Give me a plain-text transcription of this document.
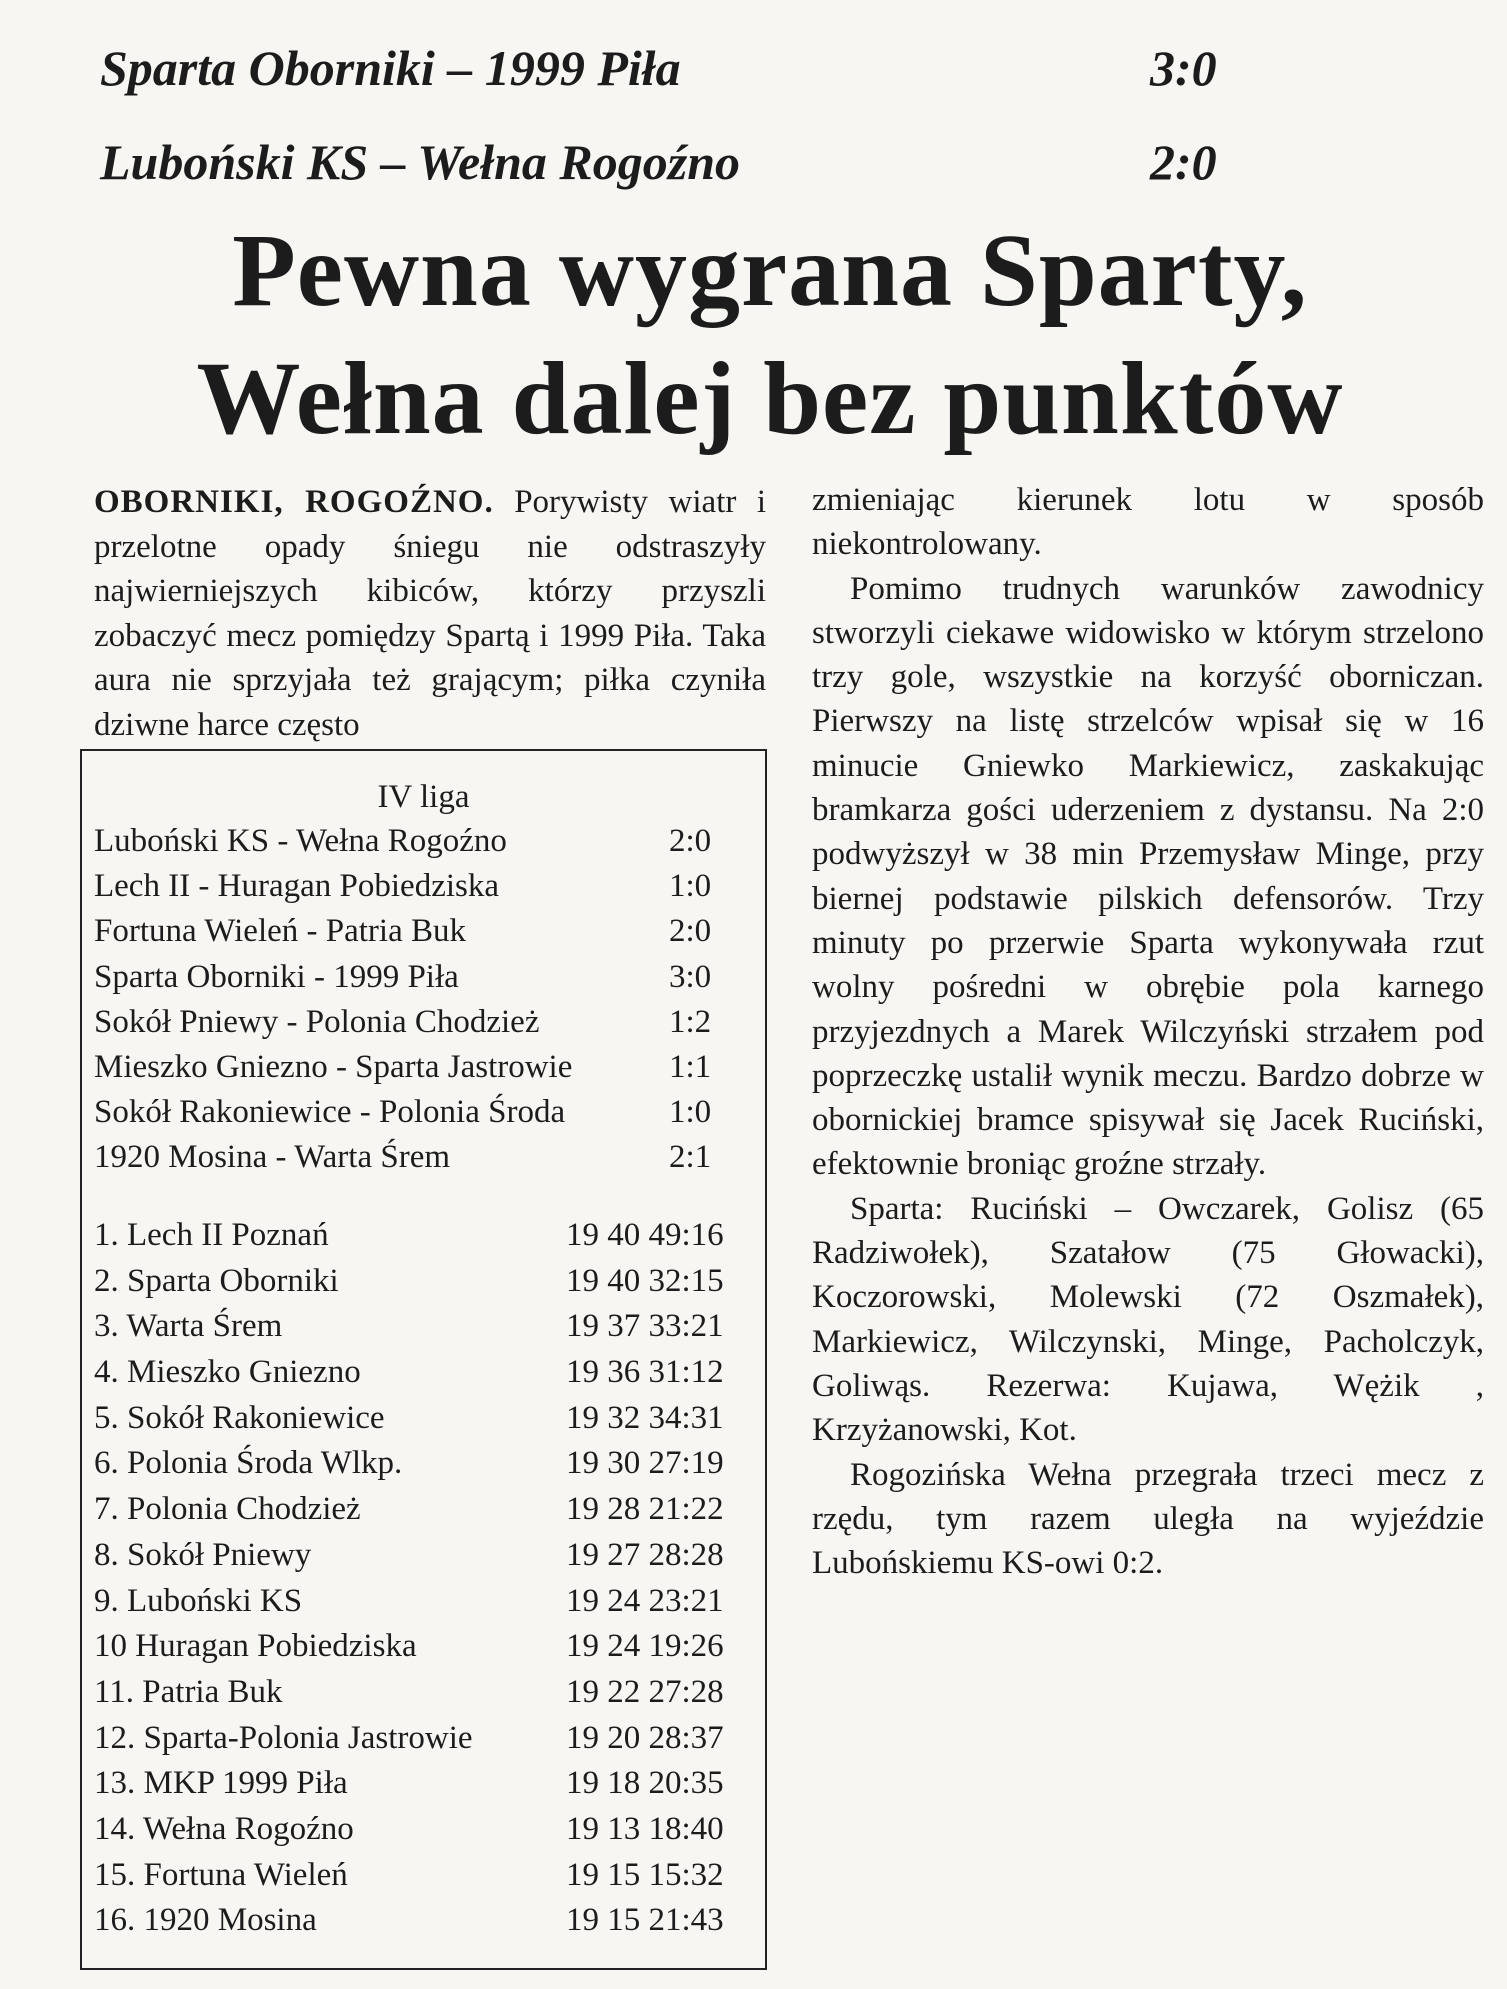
Sparta Oborniki – 1999 Piła	3:0
Luboński KS – Wełna Rogoźno	2:0
Pewna wygrana Sparty,
Wełna dalej bez punktów

OBORNIKI, ROGOŹNO. Porywisty wiatr i przelotne opady śniegu nie odstraszyły najwierniejszych kibiców, którzy przyszli zobaczyć mecz pomiędzy Spartą i 1999 Piła. Taka aura nie sprzyjała też grającym; piłka czyniła dziwne harce często

zmieniając kierunek lotu w sposób niekontrolowany.

Pomimo trudnych warunków zawodnicy stworzyli ciekawe widowisko w którym strzelono trzy gole, wszystkie na korzyść oborniczan. Pierwszy na listę strzelców wpisał się w 16 minucie Gniewko Markiewicz, zaskakując bramkarza gości uderzeniem z dystansu. Na 2:0 podwyższył w 38 min Przemysław Minge, przy biernej podstawie pilskich defensorów. Trzy minuty po przerwie Sparta wykonywała rzut wolny pośredni w obrębie pola karnego przyjezdnych a Marek Wilczyński strzałem pod poprzeczkę ustalił wynik meczu. Bardzo dobrze w obornickiej bramce spisywał się Jacek Ruciński, efektownie broniąc groźne strzały.

Sparta: Ruciński – Owczarek, Golisz (65 Radziwołek), Szatałow (75 Głowacki), Koczorowski, Molewski (72 Oszmałek), Markiewicz, Wilczynski, Minge, Pacholczyk, Goliwąs. Rezerwa: Kujawa, Wężik , Krzyżanowski, Kot.

Rogozińska Wełna przegrała trzeci mecz z rzędu, tym razem uległa na wyjeździe Lubońskiemu KS-owi 0:2.

IV liga
Luboński KS - Wełna Rogoźno	2:0
Lech II - Huragan Pobiedziska	1:0
Fortuna Wieleń - Patria Buk	2:0
Sparta Oborniki - 1999 Piła	3:0
Sokół Pniewy - Polonia Chodzież	1:2
Mieszko Gniezno - Sparta Jastrowie	1:1
Sokół Rakoniewice - Polonia Środa	1:0
1920 Mosina - Warta Śrem	2:1
1. Lech II Poznań	19 40 49:16
2. Sparta Oborniki	19 40 32:15
3. Warta Śrem	19 37 33:21
4. Mieszko Gniezno	19 36 31:12
5. Sokół Rakoniewice	19 32 34:31
6. Polonia Środa Wlkp.	19 30 27:19
7. Polonia Chodzież	19 28 21:22
8. Sokół Pniewy	19 27 28:28
9. Luboński KS	19 24 23:21
10 Huragan Pobiedziska	19 24 19:26
11. Patria Buk	19 22 27:28
12. Sparta-Polonia Jastrowie	19 20 28:37
13. MKP 1999 Piła	19 18 20:35
14. Wełna Rogoźno	19 13 18:40
15. Fortuna Wieleń	19 15 15:32
16. 1920 Mosina	19 15 21:43
